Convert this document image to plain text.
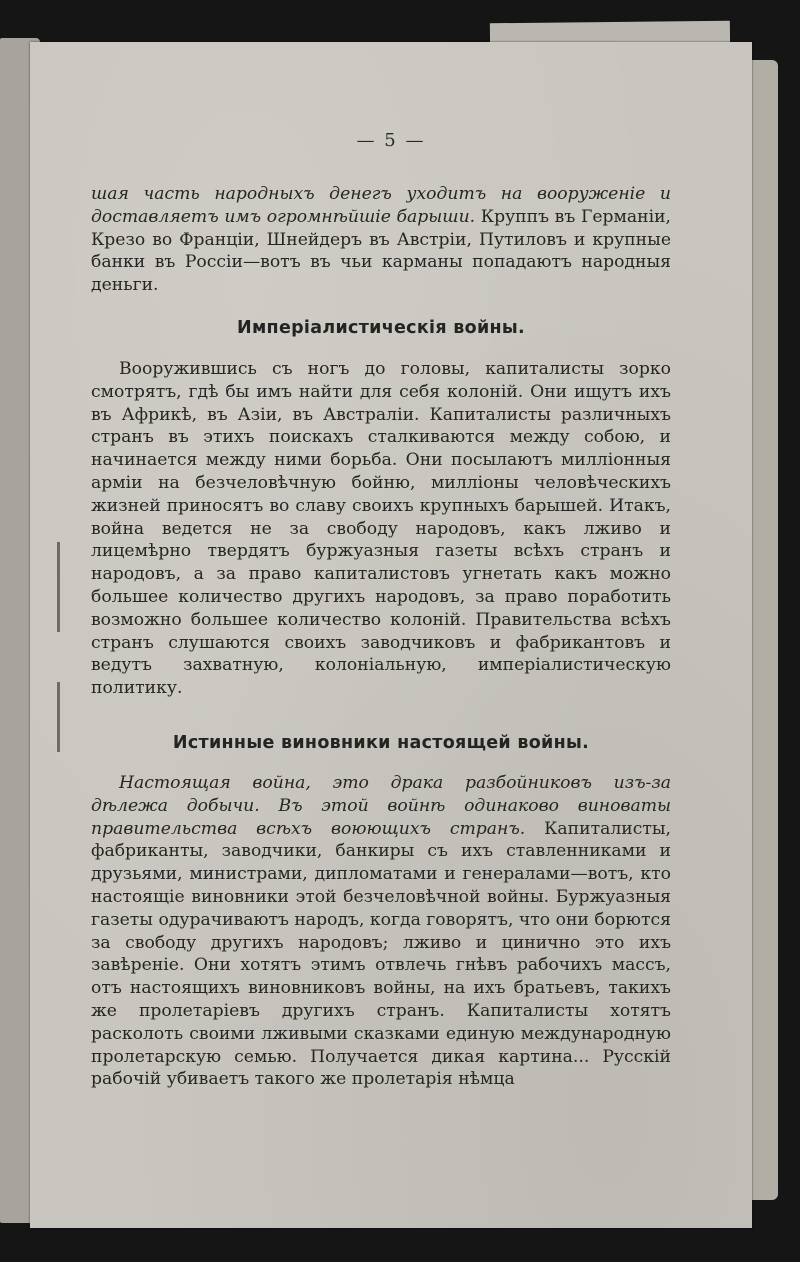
— 5 —

шая часть народныхъ денегъ уходитъ на вооруженіе и доставляетъ имъ огромнѣйшіе барыши. Круппъ въ Германіи, Крезо во Франціи, Шнейдеръ въ Австріи, Путиловъ и крупные банки въ Россіи—вотъ въ чьи карманы попадаютъ народныя деньги.

Имперіалистическія войны.

Вооружившись съ ногъ до головы, капиталисты зорко смотрятъ, гдѣ бы имъ найти для себя колоній. Они ищутъ ихъ въ Африкѣ, въ Азіи, въ Австраліи. Капиталисты различныхъ странъ въ этихъ поискахъ сталкиваются между собою, и начинается между ними борьба. Они посылаютъ милліонныя арміи на безчеловѣчную бойню, милліоны человѣческихъ жизней приносятъ во славу своихъ крупныхъ барышей. Итакъ, война ведется не за свободу народовъ, какъ лживо и лицемѣрно твердятъ буржуазныя газеты всѣхъ странъ и народовъ, а за право капиталистовъ угнетать какъ можно большее количество другихъ народовъ, за право поработить возможно большее количество колоній. Правительства всѣхъ странъ слушаются своихъ заводчиковъ и фабрикантовъ и ведутъ захватную, колоніальную, имперіалистическую политику.

Истинные виновники настоящей войны.

Настоящая война, это драка разбойниковъ изъ-за дѣлежа добычи. Въ этой войнѣ одинаково виноваты правительства всѣхъ воюющихъ странъ. Капиталисты, фабриканты, заводчики, банкиры съ ихъ ставленниками и друзьями, министрами, дипломатами и генералами—вотъ, кто настоящіе виновники этой безчеловѣчной войны. Буржуазныя газеты одурачиваютъ народъ, когда говорятъ, что они борются за свободу другихъ народовъ; лживо и цинично это ихъ завѣреніе. Они хотятъ этимъ отвлечь гнѣвъ рабочихъ массъ, отъ настоящихъ виновниковъ войны, на ихъ братьевъ, такихъ же пролетаріевъ другихъ странъ. Капиталисты хотятъ расколоть своими лживыми сказками единую международную пролетарскую семью. Получается дикая картина... Русскій рабочій убиваетъ такого же пролетарія нѣмца
